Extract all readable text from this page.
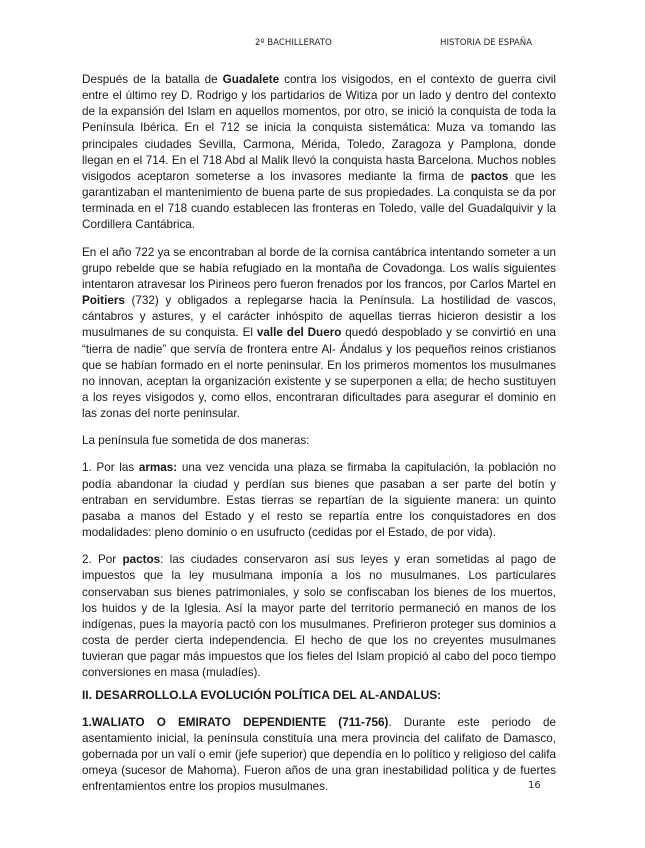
2º BACHILLERATO	HISTORIA DE ESPAÑA

Después de la batalla de Guadalete contra los visigodos, en el contexto de guerra civil entre el último rey D. Rodrigo y los partidarios de Witiza por un lado y dentro del contexto de la expansión del Islam en aquellos momentos, por otro, se inició la conquista de toda la Península Ibérica. En el 712 se inicia la conquista sistemática: Muza va tomando las principales ciudades Sevilla, Carmona, Mérida, Toledo, Zaragoza y Pamplona, donde llegan en el 714. En el 718 Abd al Malik llevó la conquista hasta Barcelona. Muchos nobles visigodos aceptaron someterse a los invasores mediante la firma de pactos que les garantizaban el mantenimiento de buena parte de sus propiedades. La conquista se da por terminada en el 718 cuando establecen las fronteras en Toledo, valle del Guadalquivir y la Cordillera Cantábrica.

En el año 722 ya se encontraban al borde de la cornisa cantábrica intentando someter a un grupo rebelde que se había refugiado en la montaña de Covadonga. Los walís siguientes intentaron atravesar los Pirineos pero fueron frenados por los francos, por Carlos Martel en Poitiers (732) y obligados a replegarse hacia la Península. La hostilidad de vascos, cántabros y astures, y el carácter inhóspito de aquellas tierras hicieron desistir a los musulmanes de su conquista. El valle del Duero quedó despoblado y se convirtió en una “tierra de nadie” que servía de frontera entre Al- Ándalus y los pequeños reinos cristianos que se habían formado en el norte peninsular. En los primeros momentos los musulmanes no innovan, aceptan la organización existente y se superponen a ella; de hecho sustituyen a los reyes visigodos y, como ellos, encontraran dificultades para asegurar el dominio en las zonas del norte peninsular.

La península fue sometida de dos maneras:

1. Por las armas: una vez vencida una plaza se firmaba la capitulación, la población no podía abandonar la ciudad y perdían sus bienes que pasaban a ser parte del botín y entraban en servidumbre. Estas tierras se repartían de la siguiente manera: un quinto pasaba a manos del Estado y el resto se repartía entre los conquistadores en dos modalidades: pleno dominio o en usufructo (cedidas por el Estado, de por vida).

2. Por pactos: las ciudades conservaron así sus leyes y eran sometidas al pago de impuestos que la ley musulmana imponía a los no musulmanes. Los particulares conservaban sus bienes patrimoniales, y solo se confiscaban los bienes de los muertos, los huidos y de la Iglesia. Así la mayor parte del territorio permaneció en manos de los indígenas, pues la mayoría pactó con los musulmanes. Prefirieron proteger sus dominios a costa de perder cierta independencia. El hecho de que los no creyentes musulmanes tuvieran que pagar más impuestos que los fieles del Islam propició al cabo del poco tiempo conversiones en masa (muladíes).

II. DESARROLLO.LA EVOLUCIÓN POLÍTICA DEL AL-ANDALUS:

1.WALIATO O EMIRATO DEPENDIENTE (711-756). Durante este periodo de asentamiento inicial, la península constituía una mera provincia del califato de Damasco, gobernada por un valí o emir (jefe superior) que dependía en lo político y religioso del califa omeya (sucesor de Mahoma). Fueron años de una gran inestabilidad política y de fuertes enfrentamientos entre los propios musulmanes.	16
